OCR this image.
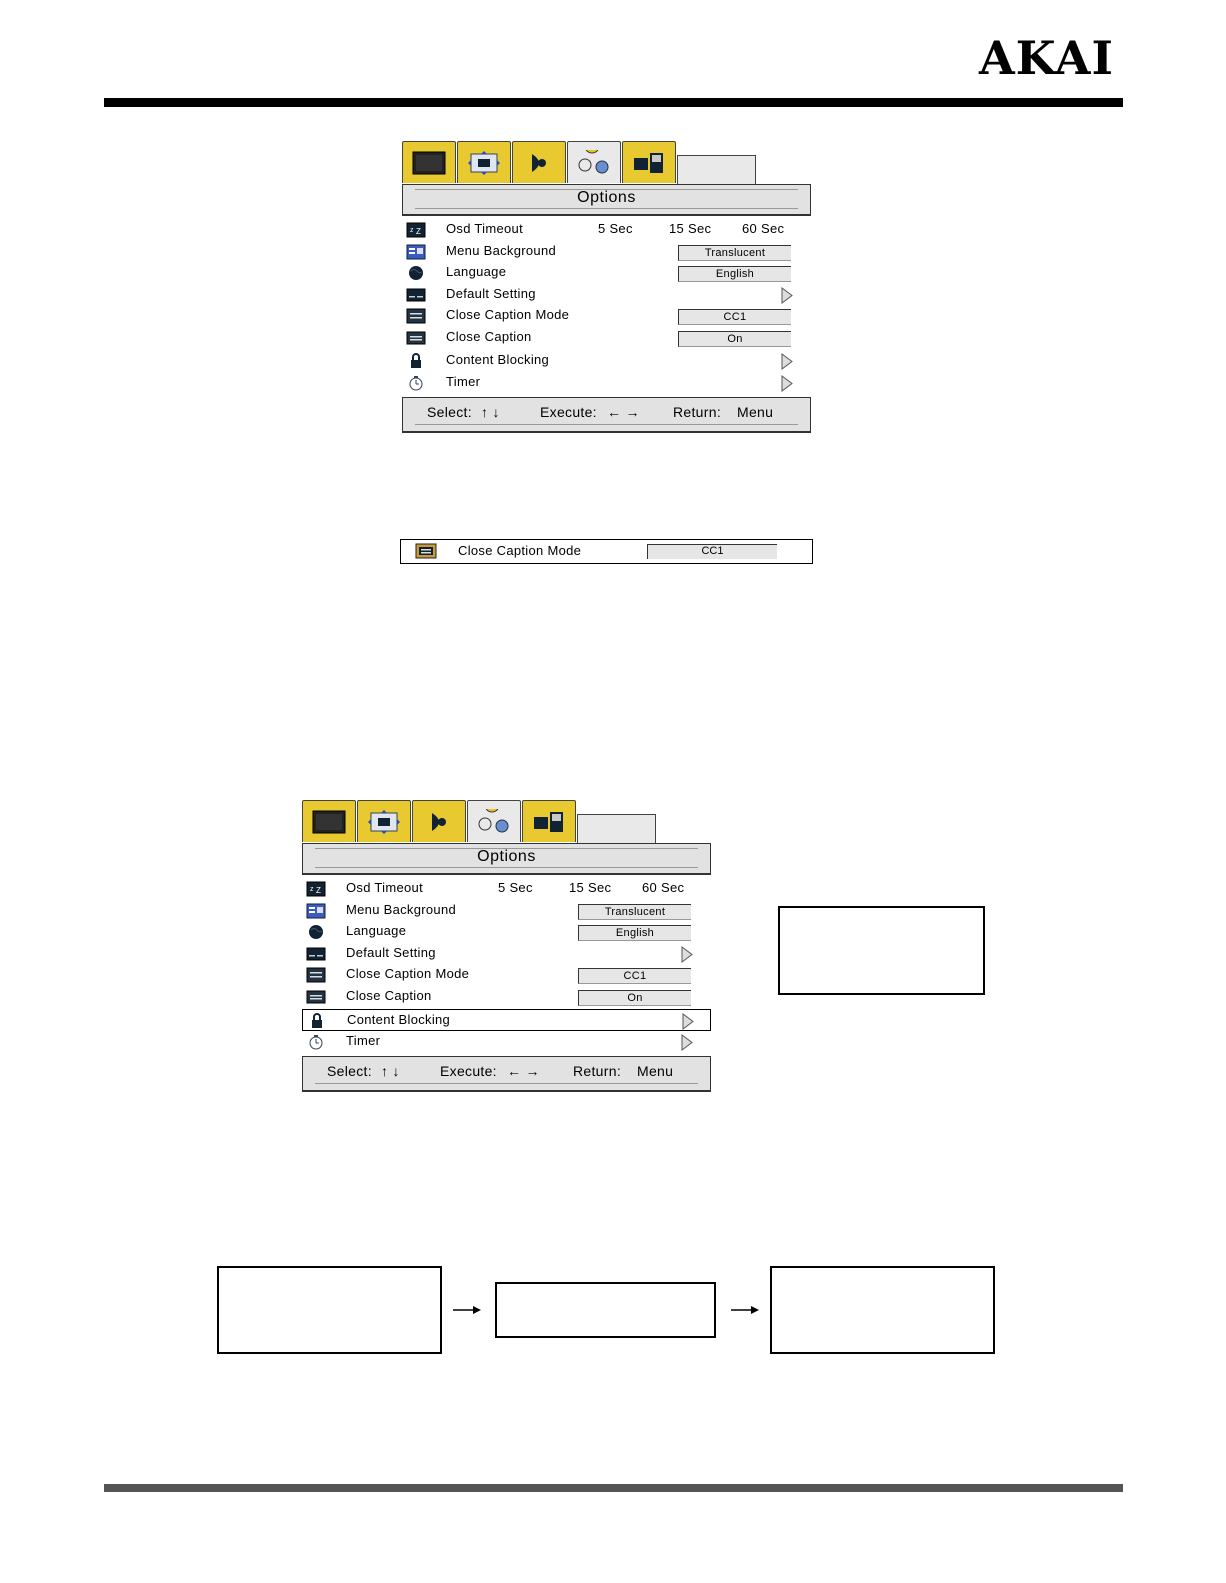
AKAI
Options
z Z Osd Timeout	5 Sec	15 Sec 60 Sec
Menu Background	Translucent
Language	English
Default Setting
Close Caption Mode	CC1
Close Caption	On
Content Blocking
Timer
Select: ↑ ↓	Execute: ← → Return: Menu
Close Caption Mode	CC1
Options
z Z Osd Timeout	5 Sec	15 Sec 60 Sec
Menu Background	Translucent
Language	English
Default Setting
Close Caption Mode	CC1
Close Caption	On
Content Blocking
Timer
Select: ↑ ↓	Execute: ← → Return: Menu
